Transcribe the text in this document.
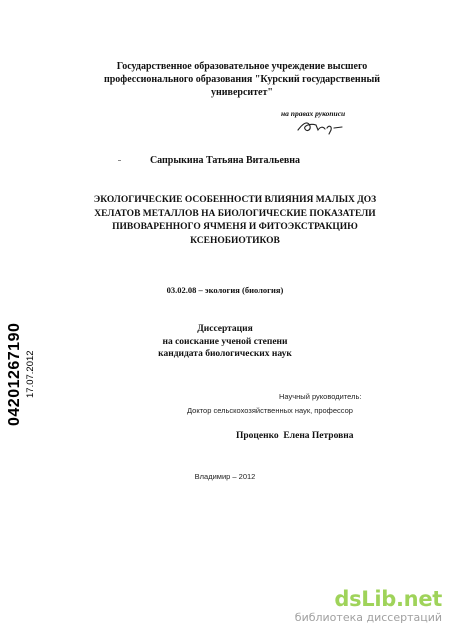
Государственное образовательное учреждение высшего
профессионального образования "Курский государственный
университет"
на правах рукописи
Сапрыкина Татьяна Витальевна
ЭКОЛОГИЧЕСКИЕ ОСОБЕННОСТИ ВЛИЯНИЯ МАЛЫХ ДОЗ
ХЕЛАТОВ МЕТАЛЛОВ НА БИОЛОГИЧЕСКИЕ ПОКАЗАТЕЛИ
ПИВОВАРЕННОГО ЯЧМЕНЯ И ФИТОЭКСТРАКЦИЮ
КСЕНОБИОТИКОВ
03.02.08 – экология (биология)
Диссертация
на соискание ученой степени
кандидата биологических наук
04201267190 17.07.2012	Научный руководитель:
Доктор сельскохозяйственных наук, профессор
Проценко  Елена Петровна
Владимир – 2012
dsLib.net
библиотека диссертаций
